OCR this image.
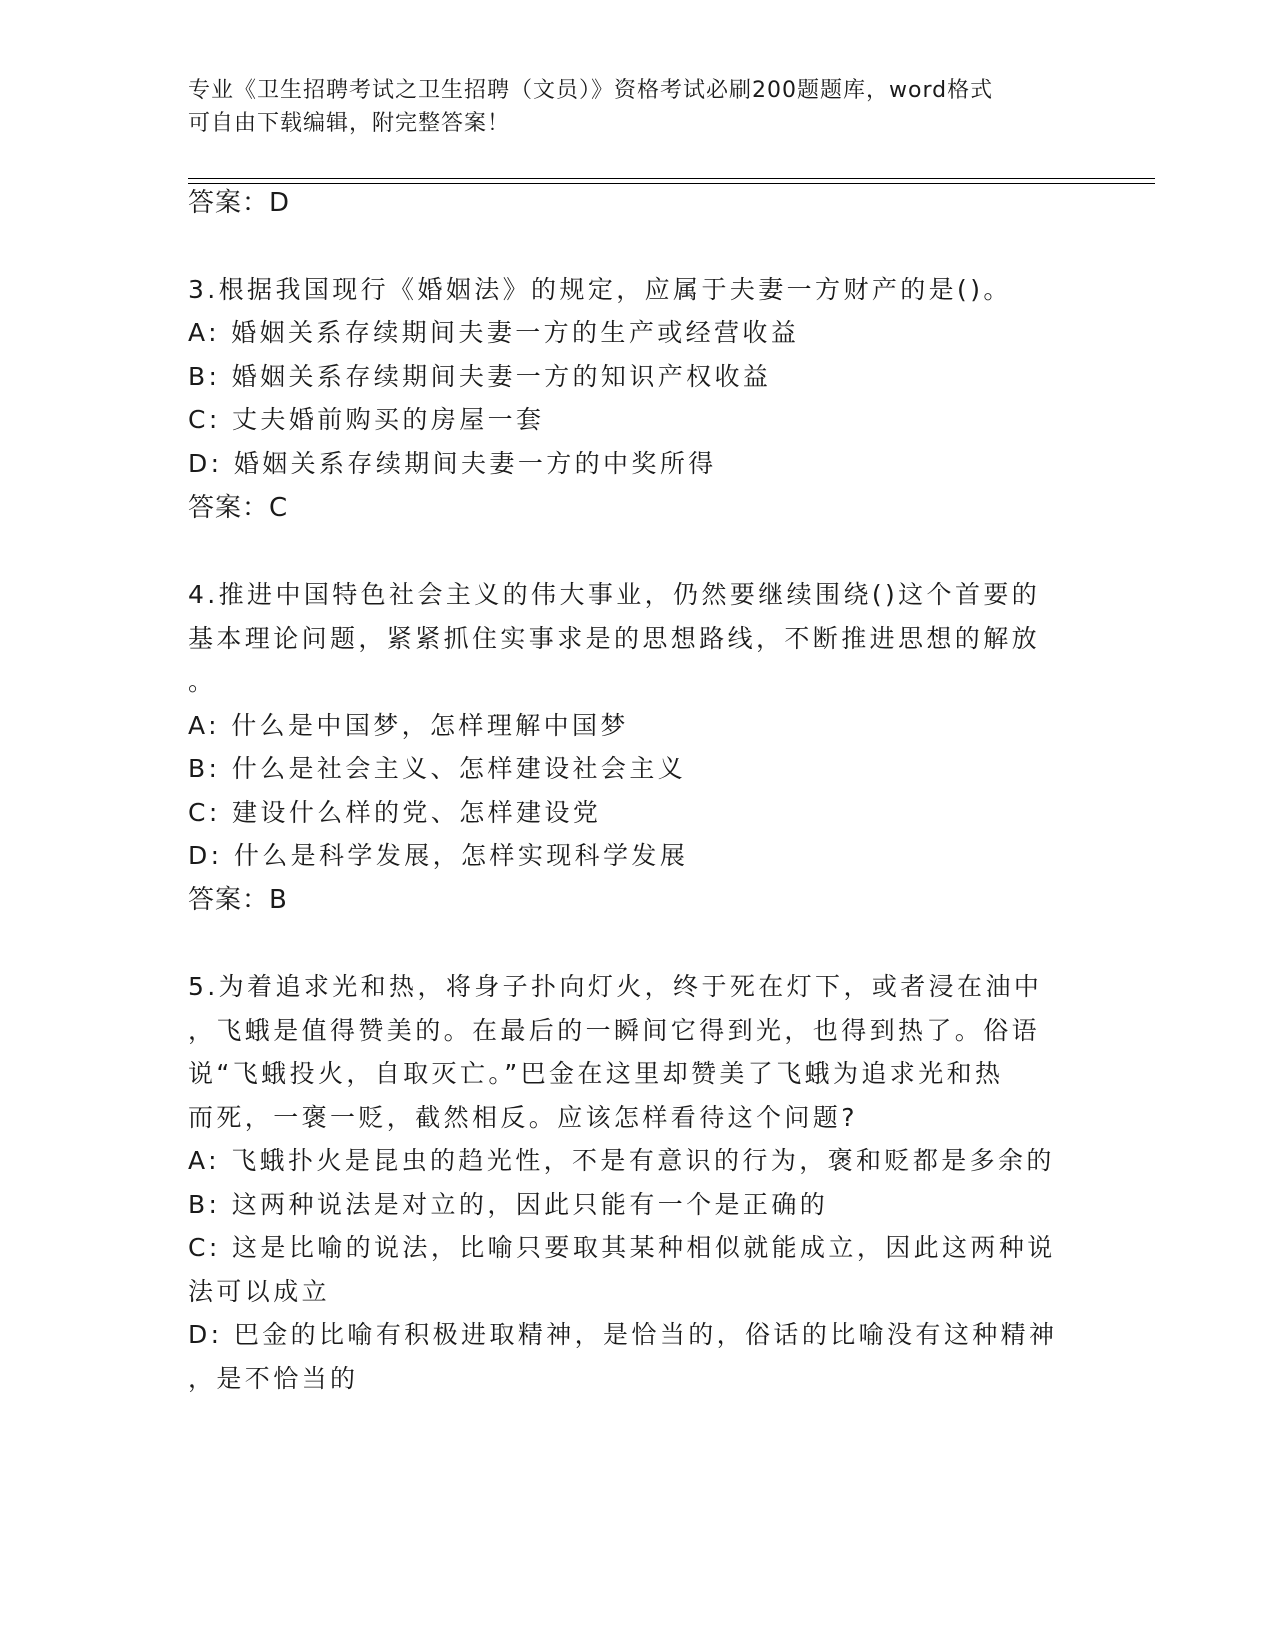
专业《卫生招聘考试之卫生招聘（文员）》资格考试必刷200题题库，word格式
可自由下载编辑，附完整答案！
答案：D
3.根据我国现行《婚姻法》的规定，应属于夫妻一方财产的是()。
A: 婚姻关系存续期间夫妻一方的生产或经营收益
B: 婚姻关系存续期间夫妻一方的知识产权收益
C: 丈夫婚前购买的房屋一套
D: 婚姻关系存续期间夫妻一方的中奖所得
答案：C
4.推进中国特色社会主义的伟大事业，仍然要继续围绕()这个首要的
基本理论问题，紧紧抓住实事求是的思想路线，不断推进思想的解放
。
A: 什么是中国梦，怎样理解中国梦
B: 什么是社会主义、怎样建设社会主义
C: 建设什么样的党、怎样建设党
D: 什么是科学发展，怎样实现科学发展
答案：B
5.为着追求光和热，将身子扑向灯火，终于死在灯下，或者浸在油中
，飞蛾是值得赞美的。在最后的一瞬间它得到光，也得到热了。俗语
说“飞蛾投火，自取灭亡。”巴金在这里却赞美了飞蛾为追求光和热
而死，一褒一贬，截然相反。应该怎样看待这个问题?
A: 飞蛾扑火是昆虫的趋光性，不是有意识的行为，褒和贬都是多余的
B: 这两种说法是对立的，因此只能有一个是正确的
C: 这是比喻的说法，比喻只要取其某种相似就能成立，因此这两种说
法可以成立
D: 巴金的比喻有积极进取精神，是恰当的，俗话的比喻没有这种精神
，是不恰当的
